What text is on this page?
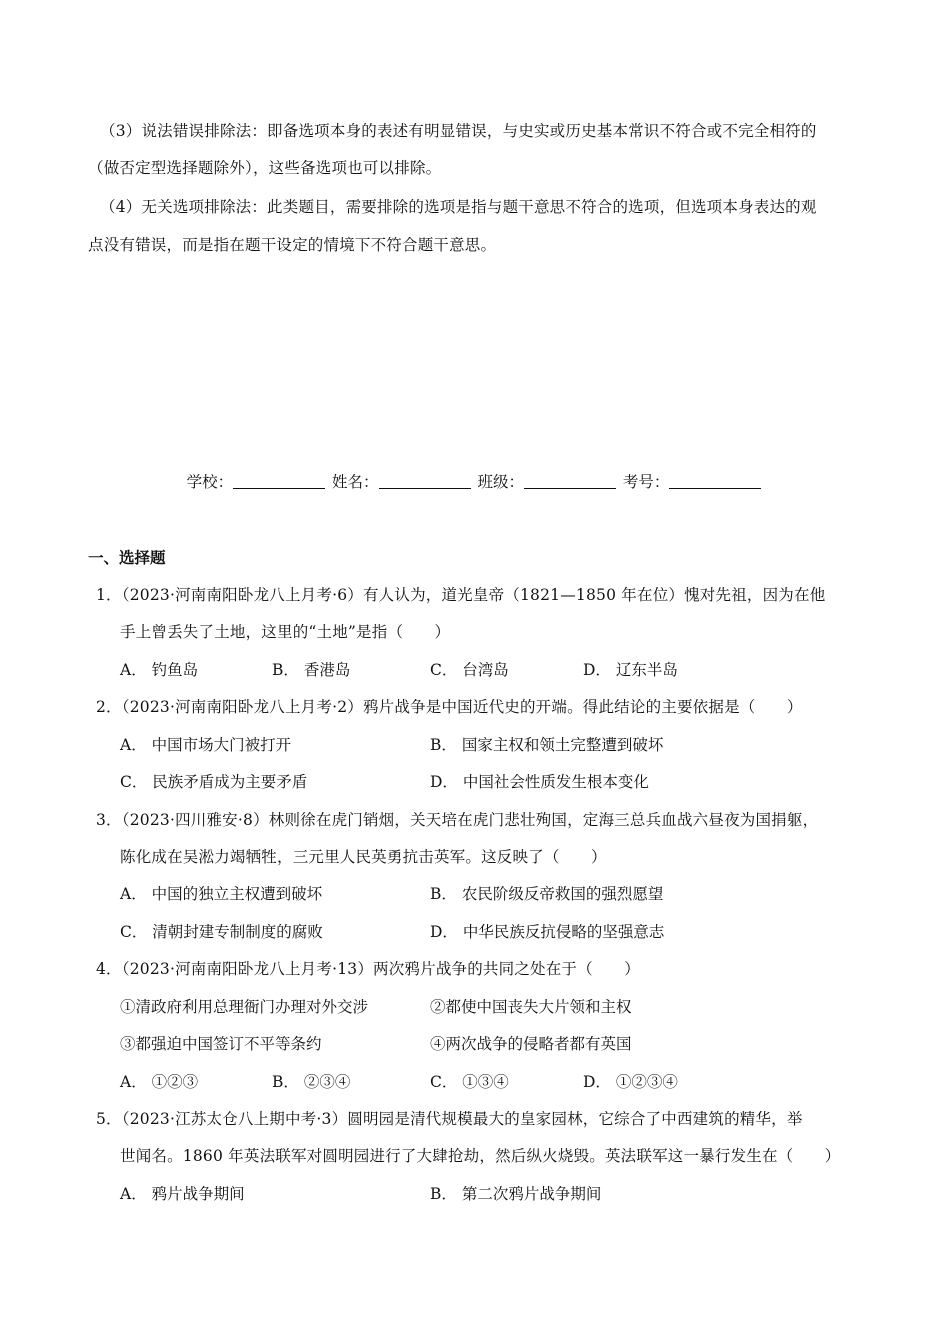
（3）说法错误排除法：即备选项本身的表述有明显错误，与史实或历史基本常识不符合或不完全相符的
（做否定型选择题除外），这些备选项也可以排除。
（4）无关选项排除法：此类题目，需要排除的选项是指与题干意思不符合的选项，但选项本身表达的观
点没有错误，而是指在题干设定的情境下不符合题干意思。
学校：	姓名：	班级：	考号：
一、选择题
1．（2023·河南南阳卧龙八上月考·6）有人认为，道光皇帝（1821—1850 年在位）愧对先祖，因为在他
手上曾丢失了土地，这里的“土地”是指（　　）
A． 钓鱼岛	B． 香港岛	C． 台湾岛	D． 辽东半岛
2．（2023·河南南阳卧龙八上月考·2）鸦片战争是中国近代史的开端。得此结论的主要依据是（　　）
A． 中国市场大门被打开	B． 国家主权和领土完整遭到破坏
C． 民族矛盾成为主要矛盾	D． 中国社会性质发生根本变化
3．（2023·四川雅安·8）林则徐在虎门销烟，关天培在虎门悲壮殉国，定海三总兵血战六昼夜为国捐躯，
陈化成在吴淞力竭牺牲，三元里人民英勇抗击英军。这反映了（　　）
A． 中国的独立主权遭到破坏	B． 农民阶级反帝救国的强烈愿望
C． 清朝封建专制制度的腐败	D． 中华民族反抗侵略的坚强意志
4．（2023·河南南阳卧龙八上月考·13）两次鸦片战争的共同之处在于（　　）
①清政府利用总理衙门办理对外交涉	②都使中国丧失大片领和主权
③都强迫中国签订不平等条约	④两次战争的侵略者都有英国
A． ①②③	B． ②③④	C． ①③④	D． ①②③④
5．（2023·江苏太仓八上期中考·3）圆明园是清代规模最大的皇家园林，它综合了中西建筑的精华，举
世闻名。1860 年英法联军对圆明园进行了大肆抢劫，然后纵火烧毁。英法联军这一暴行发生在（　　）
A． 鸦片战争期间	B． 第二次鸦片战争期间
